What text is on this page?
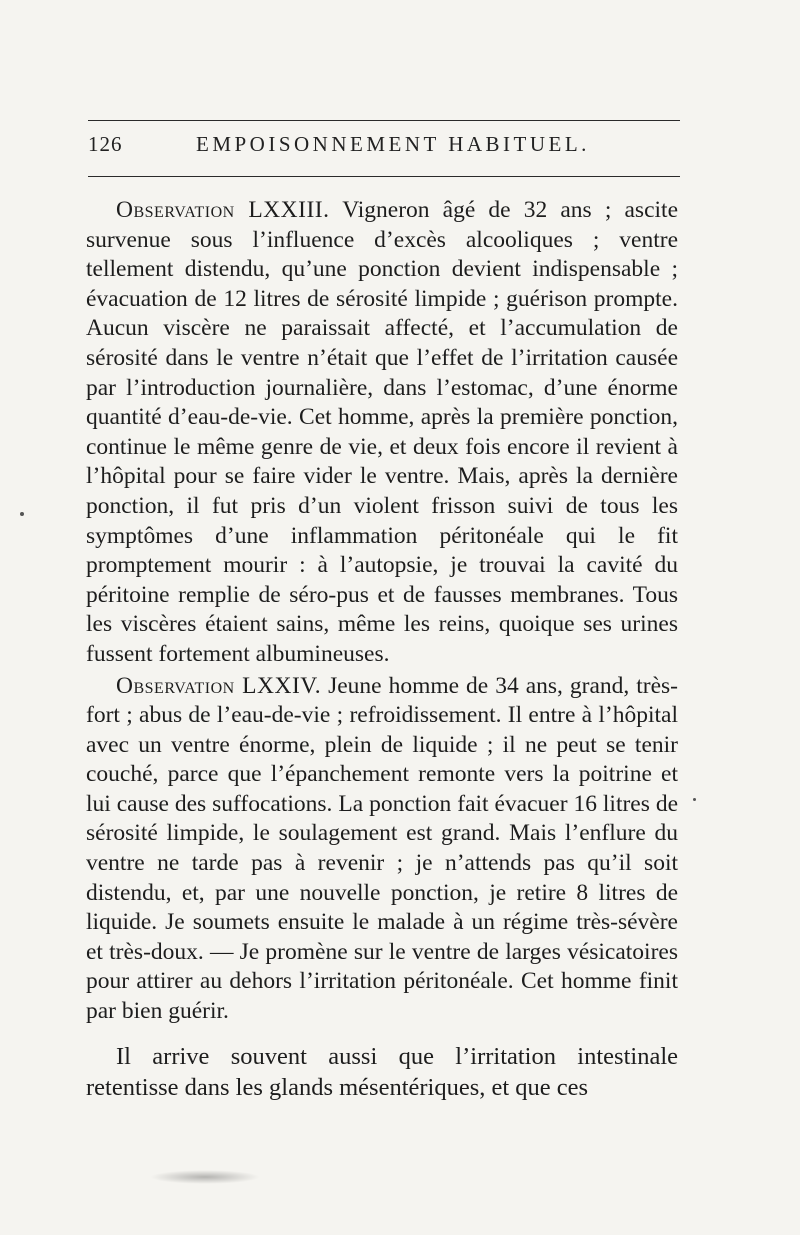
126	EMPOISONNEMENT HABITUEL.

Observation LXXIII. Vigneron âgé de 32 ans ; ascite survenue sous l’influence d’excès alcooliques ; ventre tellement distendu, qu’une ponction devient indispensable ; évacuation de 12 litres de sérosité limpide ; guérison prompte. Aucun viscère ne paraissait affecté, et l’accumulation de sérosité dans le ventre n’était que l’effet de l’irritation causée par l’introduction journalière, dans l’estomac, d’une énorme quantité d’eau-de-vie. Cet homme, après la première ponction, continue le même genre de vie, et deux fois encore il revient à l’hôpital pour se faire vider le ventre. Mais, après la dernière ponction, il fut pris d’un violent frisson suivi de tous les symptômes d’une inflammation péritonéale qui le fit promptement mourir : à l’autopsie, je trouvai la cavité du péritoine remplie de séro-pus et de fausses membranes. Tous les viscères étaient sains, même les reins, quoique ses urines fussent fortement albumineuses.

Observation LXXIV. Jeune homme de 34 ans, grand, très-fort ; abus de l’eau-de-vie ; refroidissement. Il entre à l’hôpital avec un ventre énorme, plein de liquide ; il ne peut se tenir couché, parce que l’épanchement remonte vers la poitrine et lui cause des suffocations. La ponction fait évacuer 16 litres de sérosité limpide, le soulagement est grand. Mais l’enflure du ventre ne tarde pas à revenir ; je n’attends pas qu’il soit distendu, et, par une nouvelle ponction, je retire 8 litres de liquide. Je soumets ensuite le malade à un régime très-sévère et très-doux. — Je promène sur le ventre de larges vésicatoires pour attirer au dehors l’irritation péritonéale. Cet homme finit par bien guérir.

Il arrive souvent aussi que l’irritation intestinale retentisse dans les glands mésentériques, et que ces
